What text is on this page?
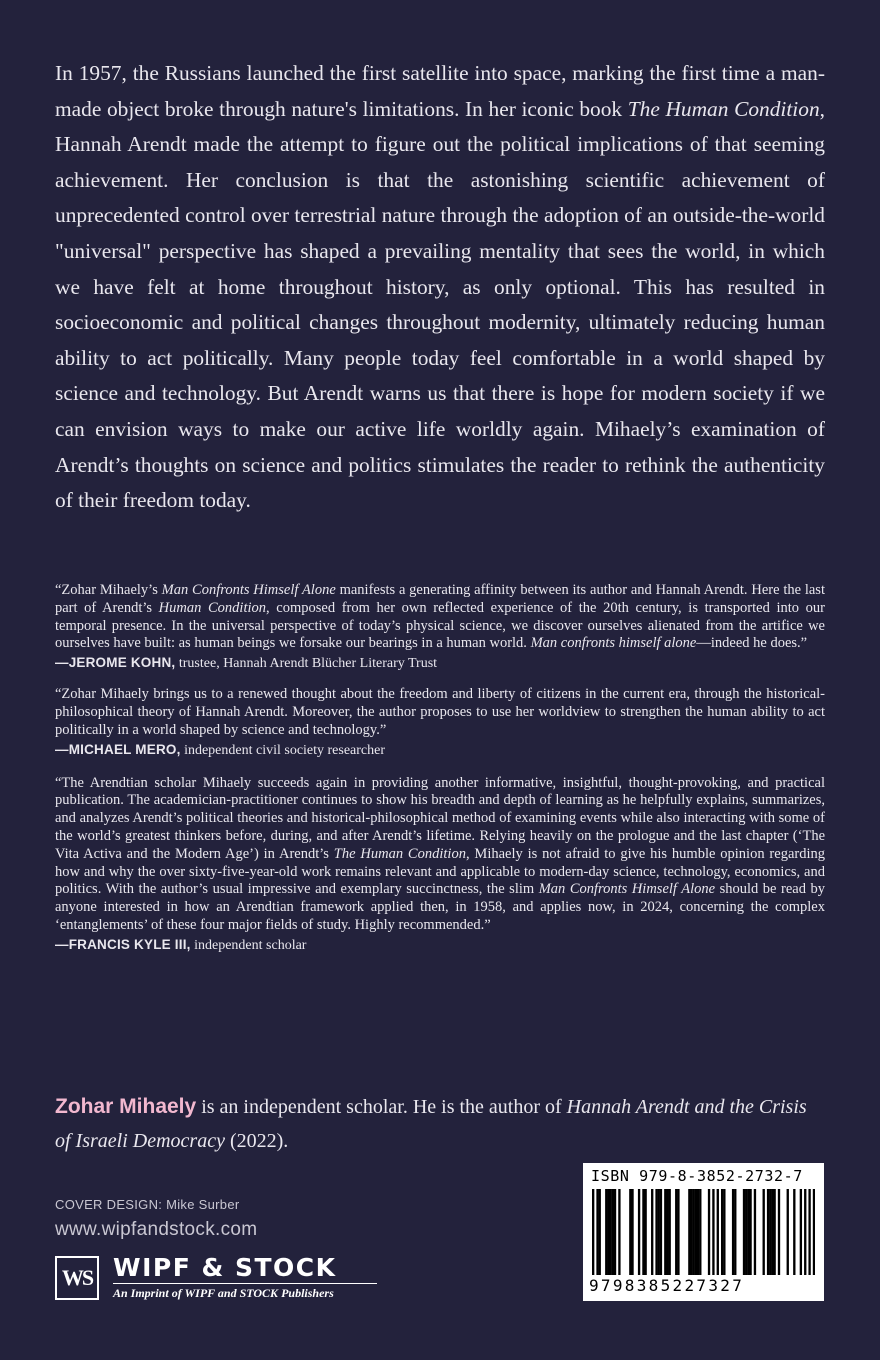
In 1957, the Russians launched the first satellite into space, marking the first time a man-made object broke through nature's limitations. In her iconic book The Human Condition, Hannah Arendt made the attempt to figure out the political implications of that seeming achievement. Her conclusion is that the astonishing scientific achievement of unprecedented control over terrestrial nature through the adoption of an outside-the-world "universal" perspective has shaped a prevailing mentality that sees the world, in which we have felt at home throughout history, as only optional. This has resulted in socioeconomic and political changes throughout modernity, ultimately reducing human ability to act politically. Many people today feel comfortable in a world shaped by science and technology. But Arendt warns us that there is hope for modern society if we can envision ways to make our active life worldly again. Mihaely’s examination of Arendt’s thoughts on science and politics stimulates the reader to rethink the authenticity of their freedom today.

“Zohar Mihaely’s Man Confronts Himself Alone manifests a generating affinity between its author and Hannah Arendt. Here the last part of Arendt’s Human Condition, composed from her own reflected experience of the 20th century, is transported into our temporal presence. In the universal perspective of today’s physical science, we discover ourselves alienated from the artifice we ourselves have built: as human beings we forsake our bearings in a human world. Man confronts himself alone—indeed he does.”

—JEROME KOHN, trustee, Hannah Arendt Blücher Literary Trust

“Zohar Mihaely brings us to a renewed thought about the freedom and liberty of citizens in the current era, through the historical-philosophical theory of Hannah Arendt. Moreover, the author proposes to use her worldview to strengthen the human ability to act politically in a world shaped by science and technology.”

—MICHAEL MERO, independent civil society researcher

“The Arendtian scholar Mihaely succeeds again in providing another informative, insightful, thought-provoking, and practical publication. The academician-practitioner continues to show his breadth and depth of learning as he helpfully explains, summarizes, and analyzes Arendt’s political theories and historical-philosophical method of examining events while also interacting with some of the world’s greatest thinkers before, during, and after Arendt’s lifetime. Relying heavily on the prologue and the last chapter (‘The Vita Activa and the Modern Age’) in Arendt’s The Human Condition, Mihaely is not afraid to give his humble opinion regarding how and why the over sixty-five-year-old work remains relevant and applicable to modern-day science, technology, economics, and politics. With the author’s usual impressive and exemplary succinctness, the slim Man Confronts Himself Alone should be read by anyone interested in how an Arendtian framework applied then, in 1958, and applies now, in 2024, concerning the complex ‘entanglements’ of these four major fields of study. Highly recommended.”

—FRANCIS KYLE III, independent scholar

Zohar Mihaely is an independent scholar. He is the author of Hannah Arendt and the Crisis of Israeli Democracy (2022).

COVER DESIGN: Mike Surber

www.wipfandstock.com

WS WIPF & STOCK

An Imprint of WIPF and STOCK Publishers

ISBN 979-8-3852-2732-7

9798385227327
